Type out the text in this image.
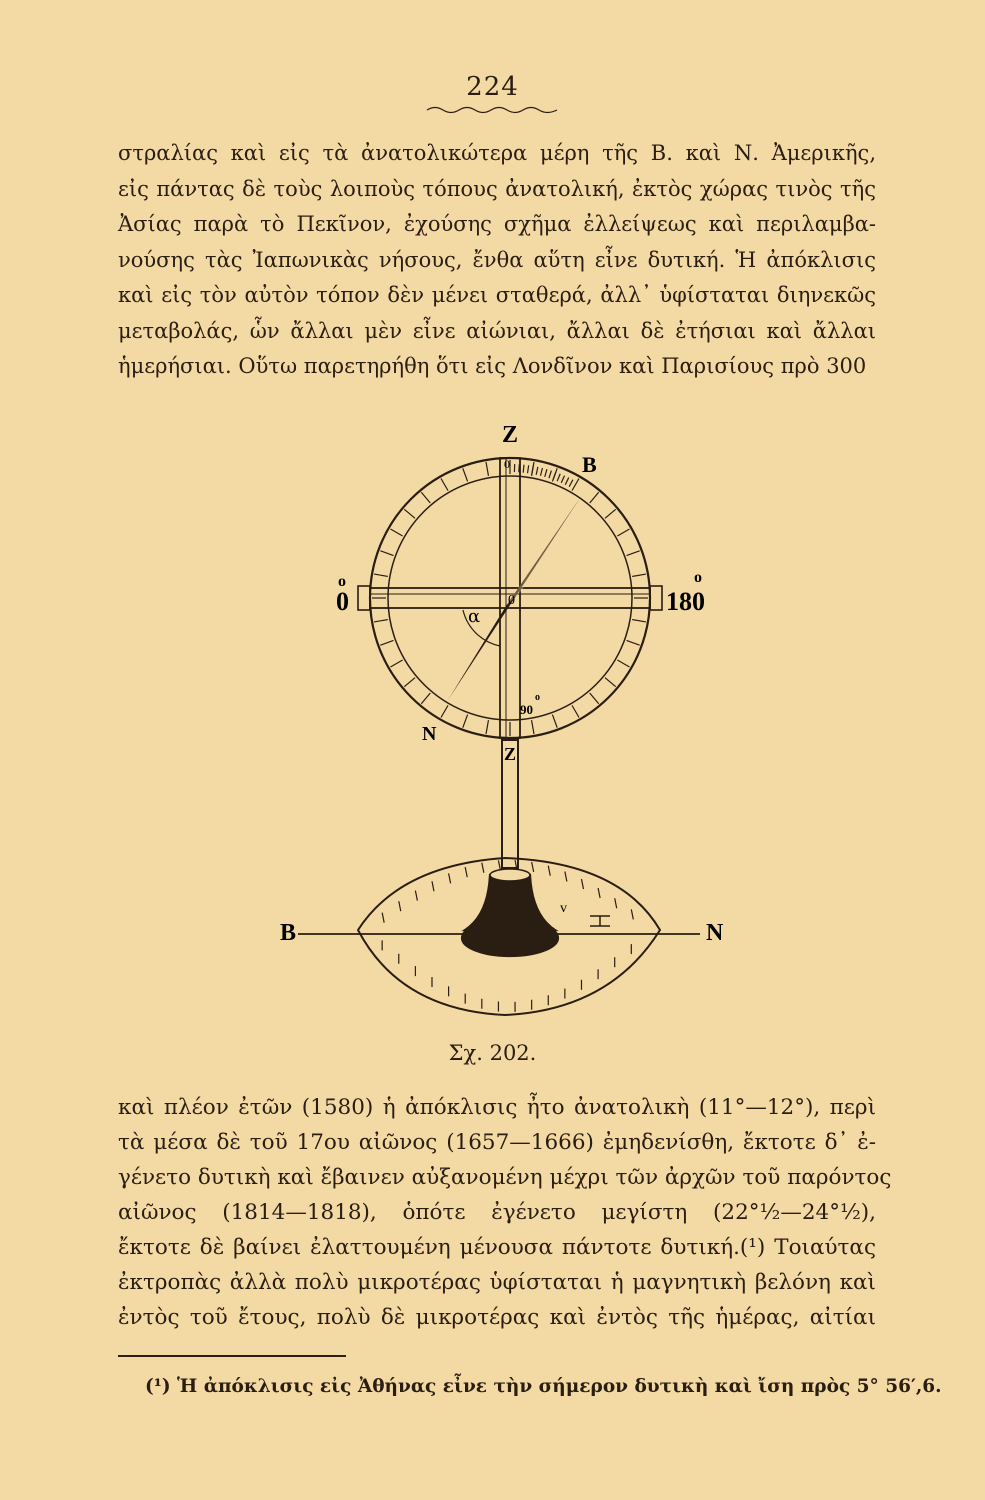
224
στραλίας καὶ εἰς τὰ ἀνατολικώτερα μέρη τῆς Β. καὶ Ν. Ἀμερικῆς,
εἰς πάντας δὲ τοὺς λοιποὺς τόπους ἀνατολική, ἐκτὸς χώρας τινὸς τῆς
Ἀσίας παρὰ τὸ Πεκῖνον, ἐχούσης σχῆμα ἐλλείψεως καὶ περιλαμβα-
νούσης τὰς Ἰαπωνικὰς νήσους, ἔνθα αὕτη εἶνε δυτική. Ἡ ἀπόκλισις
καὶ εἰς τὸν αὐτὸν τόπον δὲν μένει σταθερά, ἀλλ᾽ ὑφίσταται διηνεκῶς
μεταβολάς, ὧν ἄλλαι μὲν εἶνε αἰώνιαι, ἄλλαι δὲ ἐτήσιαι καὶ ἄλλαι
ἡμερήσιαι. Οὕτω παρετηρήθη ὅτι εἰς Λονδῖνον καὶ Παρισίους πρὸ 300
Z
B
0
0
o
180
o
0
α
90
o
N
Z
B	N
v
Σχ. 202.
καὶ πλέον ἐτῶν (1580) ἡ ἀπόκλισις ἦτο ἀνατολικὴ (11°—12°), περὶ
τὰ μέσα δὲ τοῦ 17ου αἰῶνος (1657—1666) ἐμηδενίσθη, ἔκτοτε δ᾽ ἐ-
γένετο δυτικὴ καὶ ἔβαινεν αὐξανομένη μέχρι τῶν ἀρχῶν τοῦ παρόντος
αἰῶνος (1814—1818), ὁπότε ἐγένετο μεγίστη (22°½—24°½),
ἔκτοτε δὲ βαίνει ἐλαττουμένη μένουσα πάντοτε δυτική.(¹) Τοιαύτας
ἐκτροπὰς ἀλλὰ πολὺ μικροτέρας ὑφίσταται ἡ μαγνητικὴ βελόνη καὶ
ἐντὸς τοῦ ἔτους, πολὺ δὲ μικροτέρας καὶ ἐντὸς τῆς ἡμέρας, αἰτίαι
(¹) Ἡ ἀπόκλισις εἰς Ἀθήνας εἶνε τὴν σήμερον δυτικὴ καὶ ἴση πρὸς 5° 56′,6.
